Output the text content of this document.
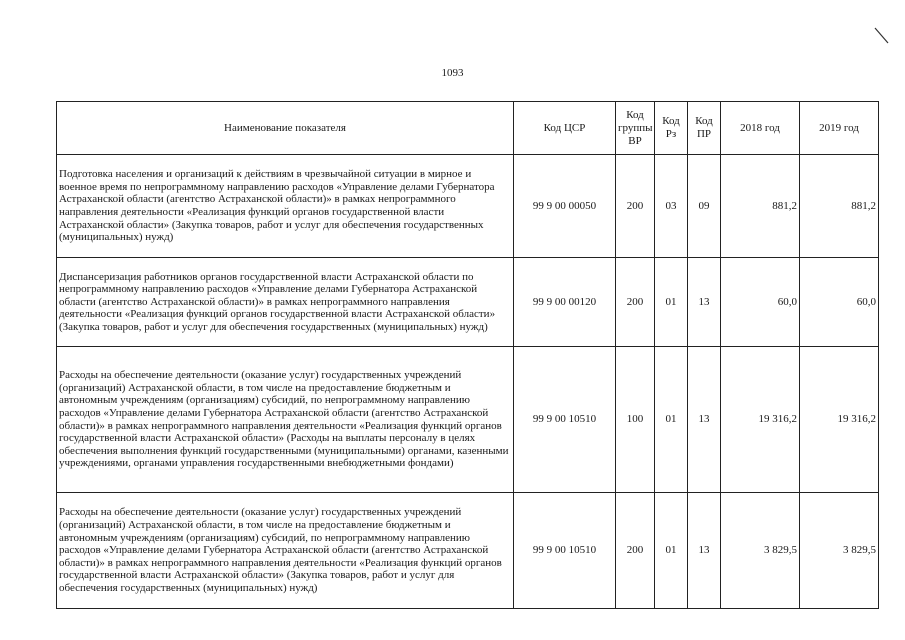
1093
Наименование показателя	Код ЦСР	Код группы ВР	Код Рз	Код ПР	2018 год	2019 год
Подготовка населения и организаций к действиям в чрезвычайной ситуации в мирное и военное время по непрограммному направлению расходов «Управление делами Губернатора Астраханской области (агентство Астраханской области)» в рамках непрограммного направления деятельности «Реализация функций органов государственной власти Астраханской области» (Закупка товаров, работ и услуг для обеспечения государственных (муниципальных) нужд)	99 9 00 00050	200	03	09	881,2	881,2
Диспансеризация работников органов государственной власти Астраханской области по непрограммному направлению расходов «Управление делами Губернатора Астраханской области (агентство Астраханской области)» в рамках непрограммного направления деятельности «Реализация функций органов государственной власти Астраханской области» (Закупка товаров, работ и услуг для обеспечения государственных (муниципальных) нужд)	99 9 00 00120	200	01	13	60,0	60,0
Расходы на обеспечение деятельности (оказание услуг) государственных учреждений (организаций) Астраханской области, в том числе на предоставление бюджетным и автономным учреждениям (организациям) субсидий, по непрограммному направлению расходов «Управление делами Губернатора Астраханской области (агентство Астраханской области)» в рамках непрограммного направления деятельности «Реализация функций органов государственной власти Астраханской области» (Расходы на выплаты персоналу в целях обеспечения выполнения функций государственными (муниципальными) органами, казенными учреждениями, органами управления государственными внебюджетными фондами)	99 9 00 10510	100	01	13	19 316,2	19 316,2
Расходы на обеспечение деятельности (оказание услуг) государственных учреждений (организаций) Астраханской области, в том числе на предоставление бюджетным и автономным учреждениям (организациям) субсидий, по непрограммному направлению расходов «Управление делами Губернатора Астраханской области (агентство Астраханской области)» в рамках непрограммного направления деятельности «Реализация функций органов государственной власти Астраханской области» (Закупка товаров, работ и услуг для обеспечения государственных (муниципальных) нужд)	99 9 00 10510	200	01	13	3 829,5	3 829,5
